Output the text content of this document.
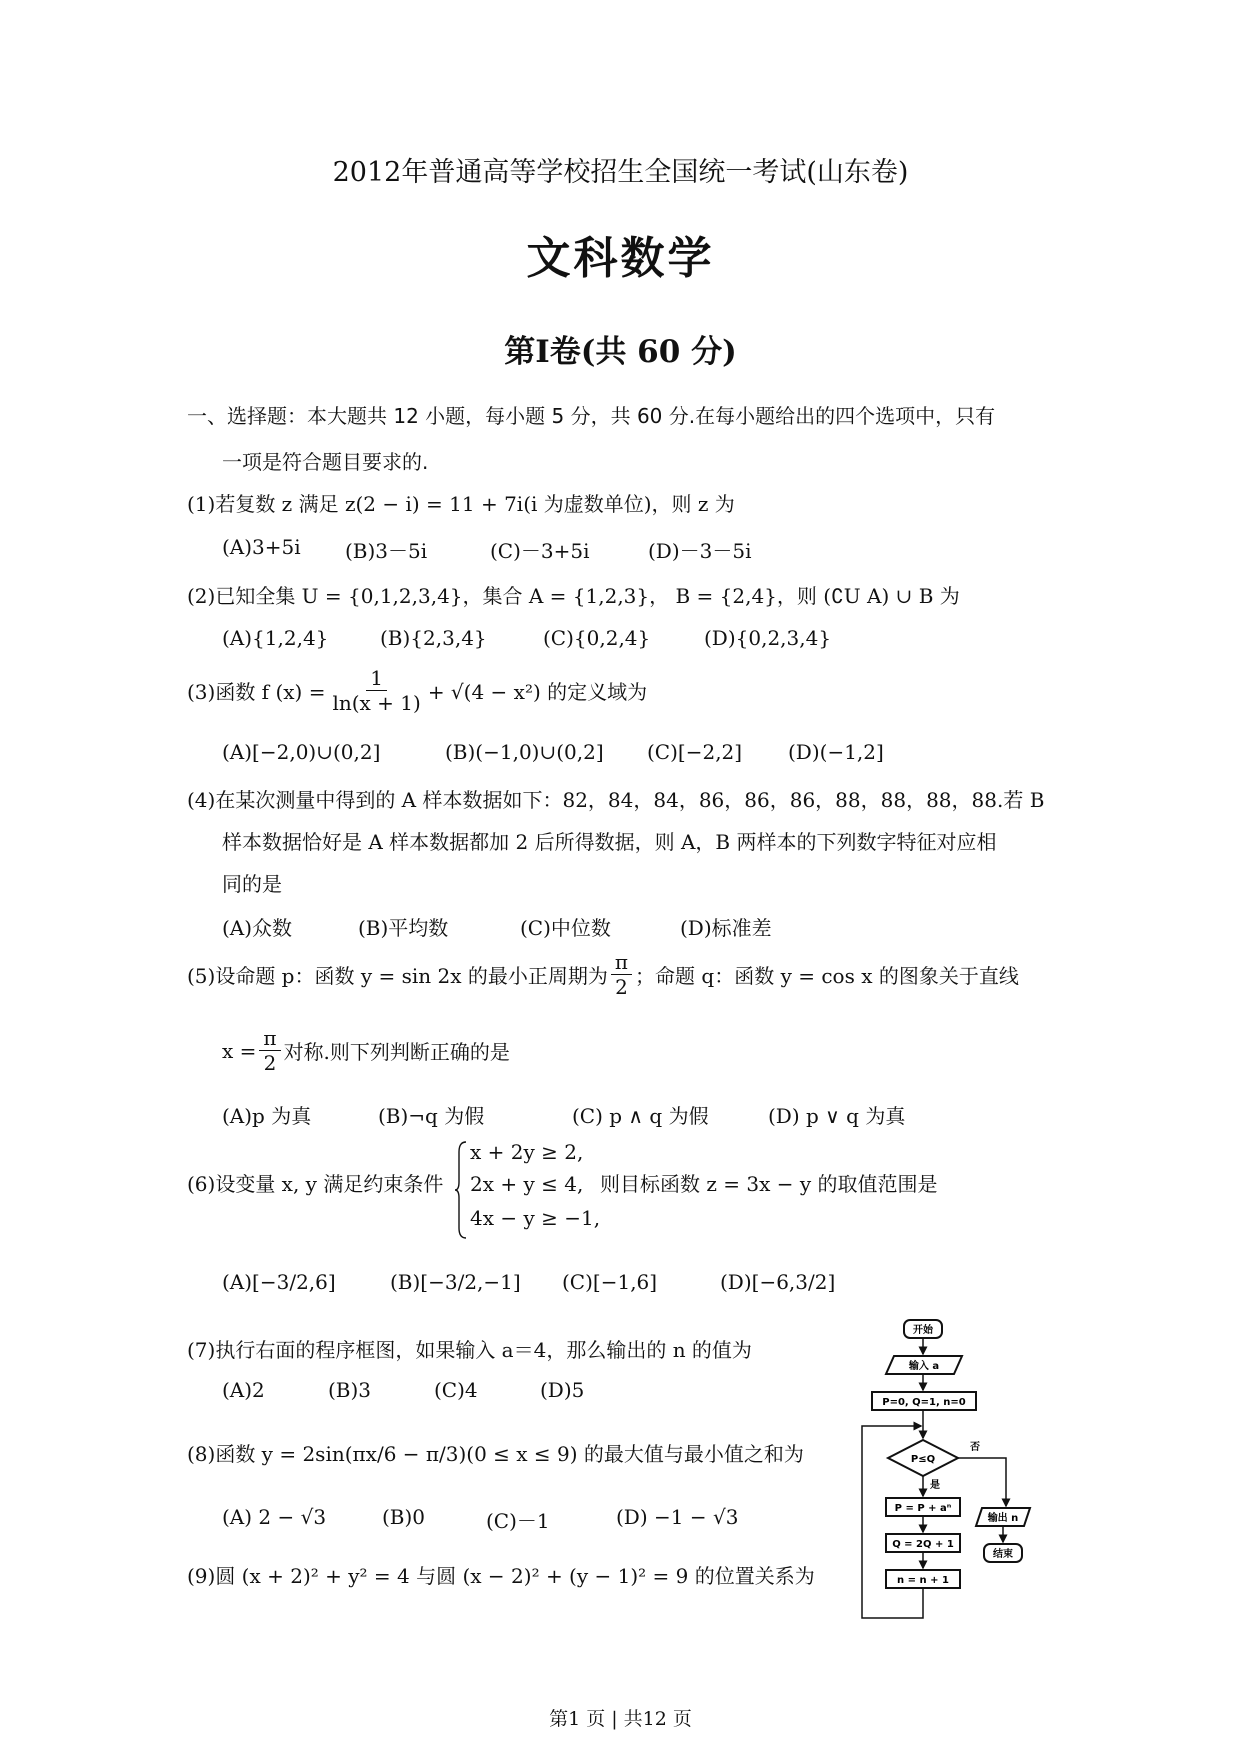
2012年普通高等学校招生全国统一考试(山东卷)
文科数学
第Ⅰ卷(共 60 分)
一、选择题：本大题共 12 小题，每小题 5 分，共 60 分.在每小题给出的四个选项中，只有
一项是符合题目要求的.
(1)若复数 z 满足 z(2 − i) = 11 + 7i(i 为虚数单位)，则 z 为
(A)3+5i (B)3－5i	(C)－3+5i	(D)－3－5i
(2)已知全集 U = {0,1,2,3,4}，集合 A = {1,2,3}， B = {2,4}，则 (∁U A) ∪ B 为
(A){1,2,4}	(B){2,3,4}	(C){0,2,4}	(D){0,2,3,4}
(3)函数 f $(x) = \frac{1}{\ln(x + 1)} + √(4 - x^2)$ 的定义域为
(A)[−2,0)∪(0,2]	(B)(−1,0)∪(0,2] (C)[−2,2] (D)(−1,2]
(4)在某次测量中得到的 A 样本数据如下：82，84，84，86，86，86，88，88，88，88.若 B
样本数据恰好是 A 样本数据都加 2 后所得数据，则 A，B 两样本的下列数字特征对应相
同的是
(A)众数	(B)平均数	(C)中位数	(D)标准差
(5)设命题 p：函数 y = sin 2x 的最小正周期为 $\frac{\pi}{2}$ ；命题 q：函数 y = cos x 的图象关于直线
$x = \frac{\pi}{2}$ 对称.则下列判断正确的是
(A)p 为真	(B)¬q 为假	(C) p ∧ q 为假	(D) p ∨ q 为真
(6)设变量 x, y 满足约束条件
x + 2y ≥ 2,
2x + y ≤ 4,
4x − y ≥ −1,
则目标函数 z = 3x − y 的取值范围是
(A)[−3/2,6]	(B)[−3/2,−1] (C)[−1,6]	(D)[−6,3/2]
(7)执行右面的程序框图，如果输入 a＝4，那么输出的 n 的值为
(A)2	(B)3	(C)4	(D)5
(8)函数 y = 2sin(πx/6 − π/3)(0 ≤ x ≤ 9) 的最大值与最小值之和为
(A) 2 − √3	(B)0	(C)－1	(D) −1 − √3
(9)圆 (x + 2)² + y² = 4 与圆 (x − 2)² + (y − 1)² = 9 的位置关系为
开始
输入 a
P=0, Q=1, n=0
P≤Q
否
是
输出 n
结束
P = P + aⁿ
Q = 2Q + 1
n = n + 1
第1 页 | 共12 页
